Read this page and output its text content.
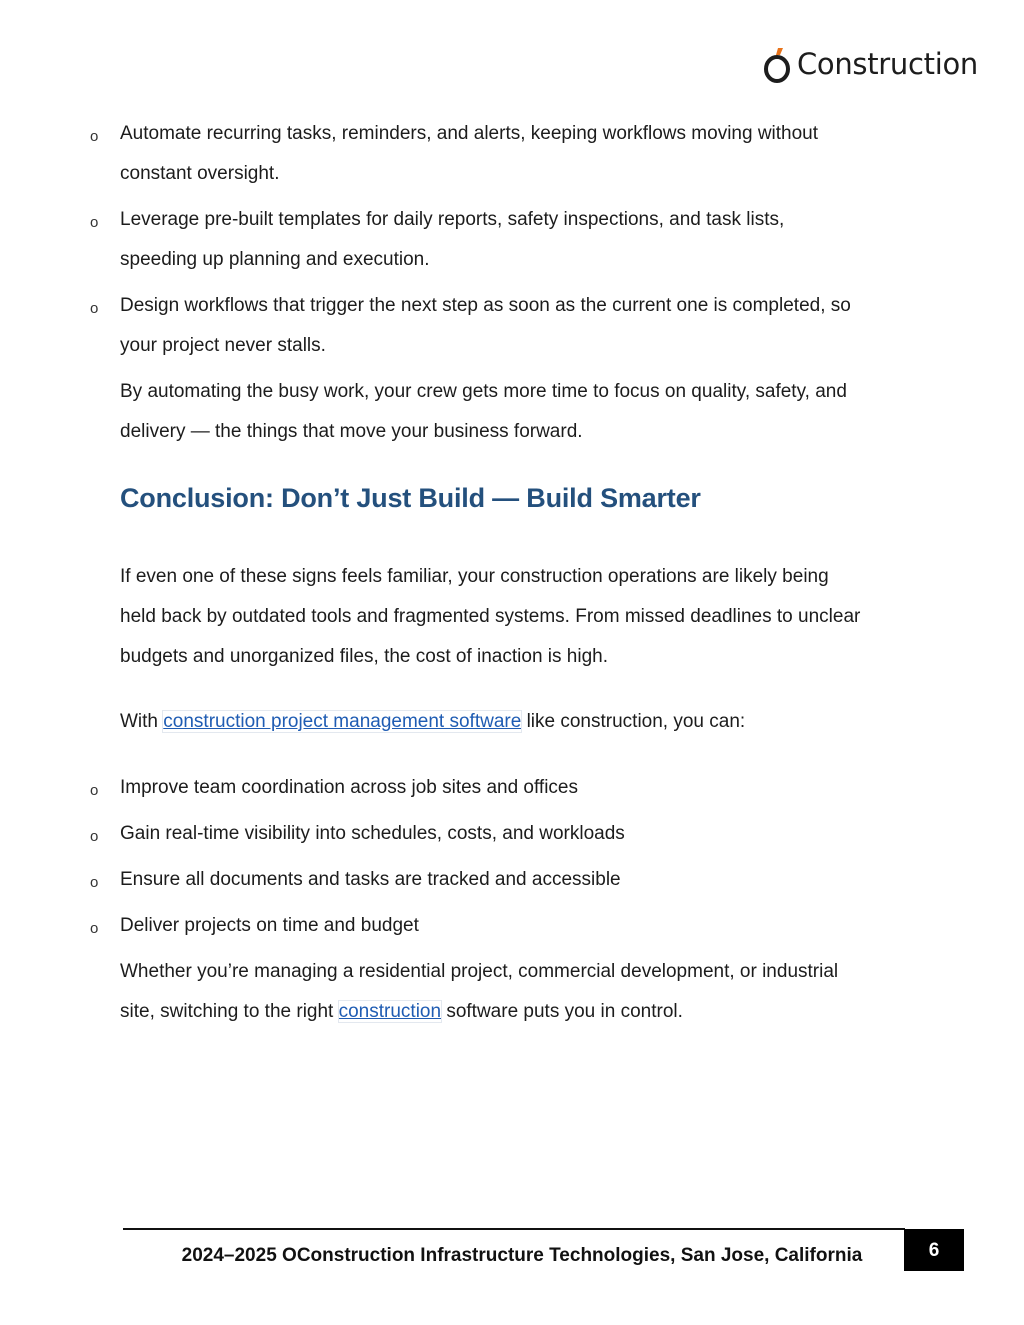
Construction
o Automate recurring tasks, reminders, and alerts, keeping workflows moving without
constant oversight.
o Leverage pre-built templates for daily reports, safety inspections, and task lists,
speeding up planning and execution.
o Design workflows that trigger the next step as soon as the current one is completed, so
your project never stalls.
By automating the busy work, your crew gets more time to focus on quality, safety, and
delivery — the things that move your business forward.
Conclusion: Don’t Just Build — Build Smarter
If even one of these signs feels familiar, your construction operations are likely being
held back by outdated tools and fragmented systems. From missed deadlines to unclear
budgets and unorganized files, the cost of inaction is high.
With construction project management software like construction, you can:
o Improve team coordination across job sites and offices
o Gain real-time visibility into schedules, costs, and workloads
o Ensure all documents and tasks are tracked and accessible
o Deliver projects on time and budget
Whether you’re managing a residential project, commercial development, or industrial
site, switching to the right construction software puts you in control.
2024–2025 OConstruction Infrastructure Technologies, San Jose, California	6
